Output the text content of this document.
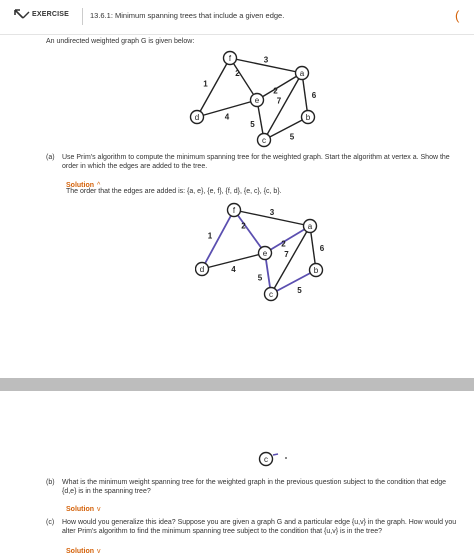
EXERCISE	13.6.1: Minimum spanning trees that include a given edge.	(
An undirected weighted graph G is given below:
3
1
2
2	6
7
4
5
5
f
a
e
d	b
c
(a) Use Prim's algorithm to compute the minimum spanning tree for the weighted graph. Start the algorithm at vertex a. Show the order in which the edges are added to the tree.
Solution ^
The order that the edges are added is: {a, e}, {e, f}, {f, d}, {e, c}, {c, b}.
3
1
2
2	6
7
4
5
5
f
a
e
d	b
c
c
(b) What is the minimum weight spanning tree for the weighted graph in the previous question subject to the condition that edge {d,e} is in the spanning tree?
Solution v
(c) How would you generalize this idea? Suppose you are given a graph G and a particular edge {u,v} in the graph. How would you alter Prim's algorithm to find the minimum spanning tree subject to the condition that {u,v} is in the tree?
Solution v
